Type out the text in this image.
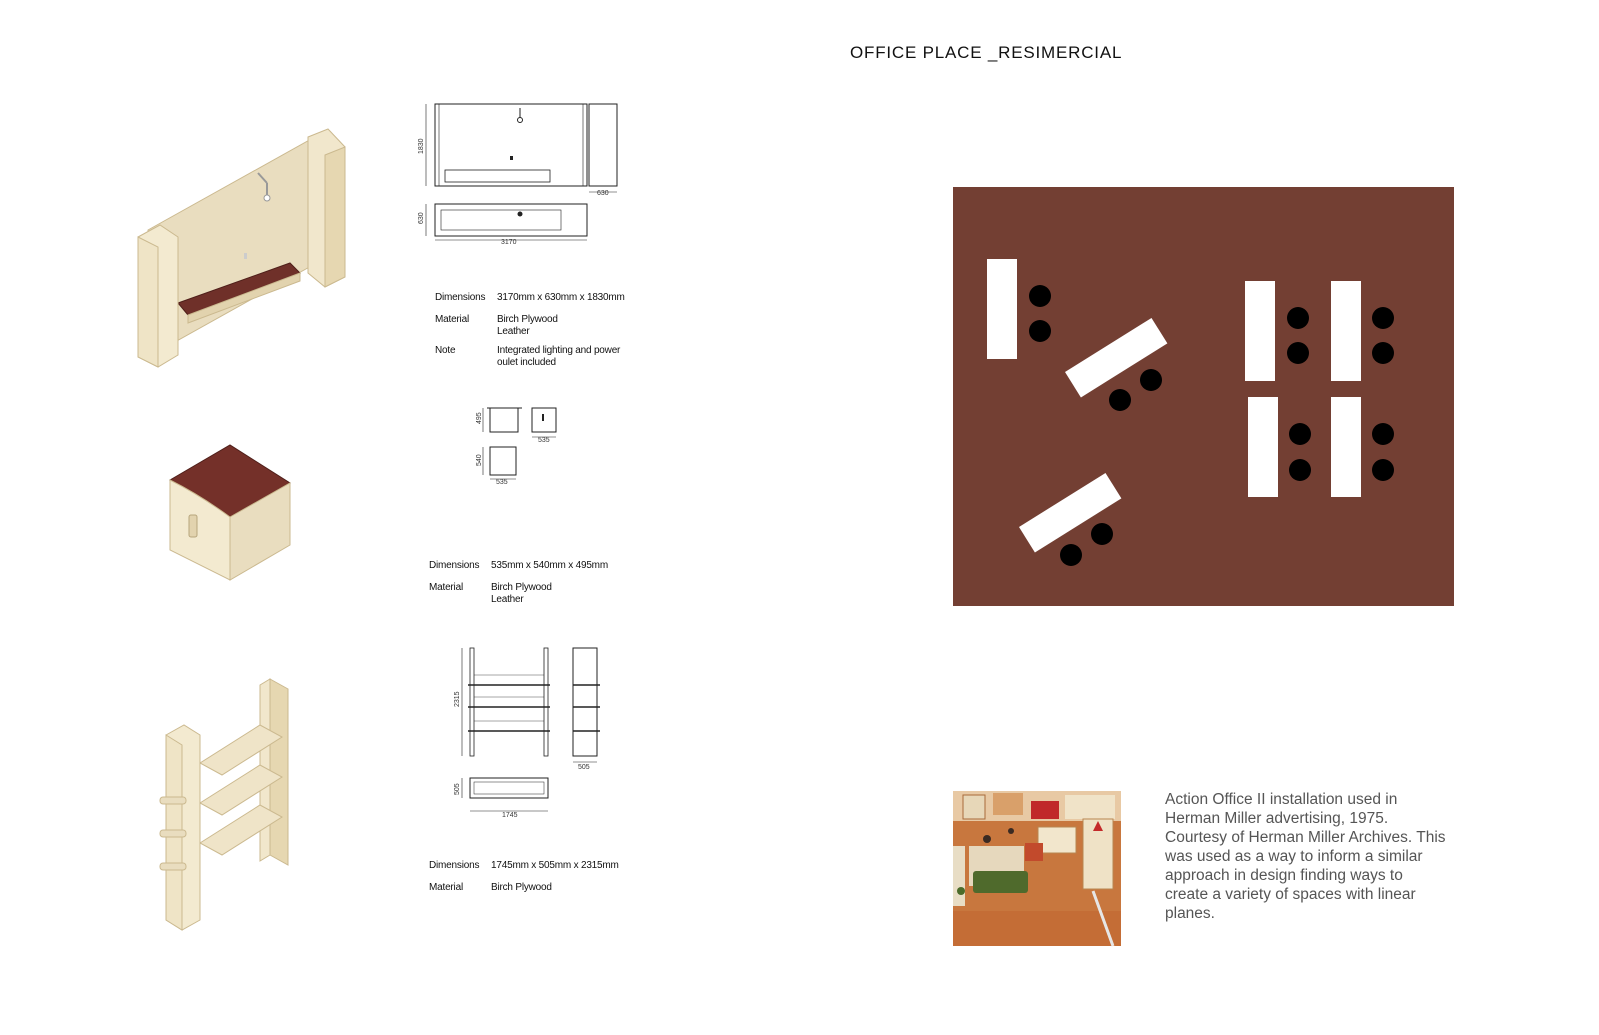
OFFICE PLACE _RESIMERCIAL
1830
630
630
3170
Dimensions	3170mm x 630mm x 1830mm
Material	Birch Plywood
Leather
Note	Integrated lighting and power
oulet included
495
535
540
535
Dimensions	535mm x 540mm x 495mm
Material	Birch Plywood
Leather
2315
505
505
1745
Dimensions	1745mm x 505mm x 2315mm
Material	Birch Plywood
Action Office II installation used in Herman Miller advertising, 1975. Courtesy of Herman Miller Archives. This was used as a way to inform a similar approach in design finding ways to create a variety of spaces with linear planes.
